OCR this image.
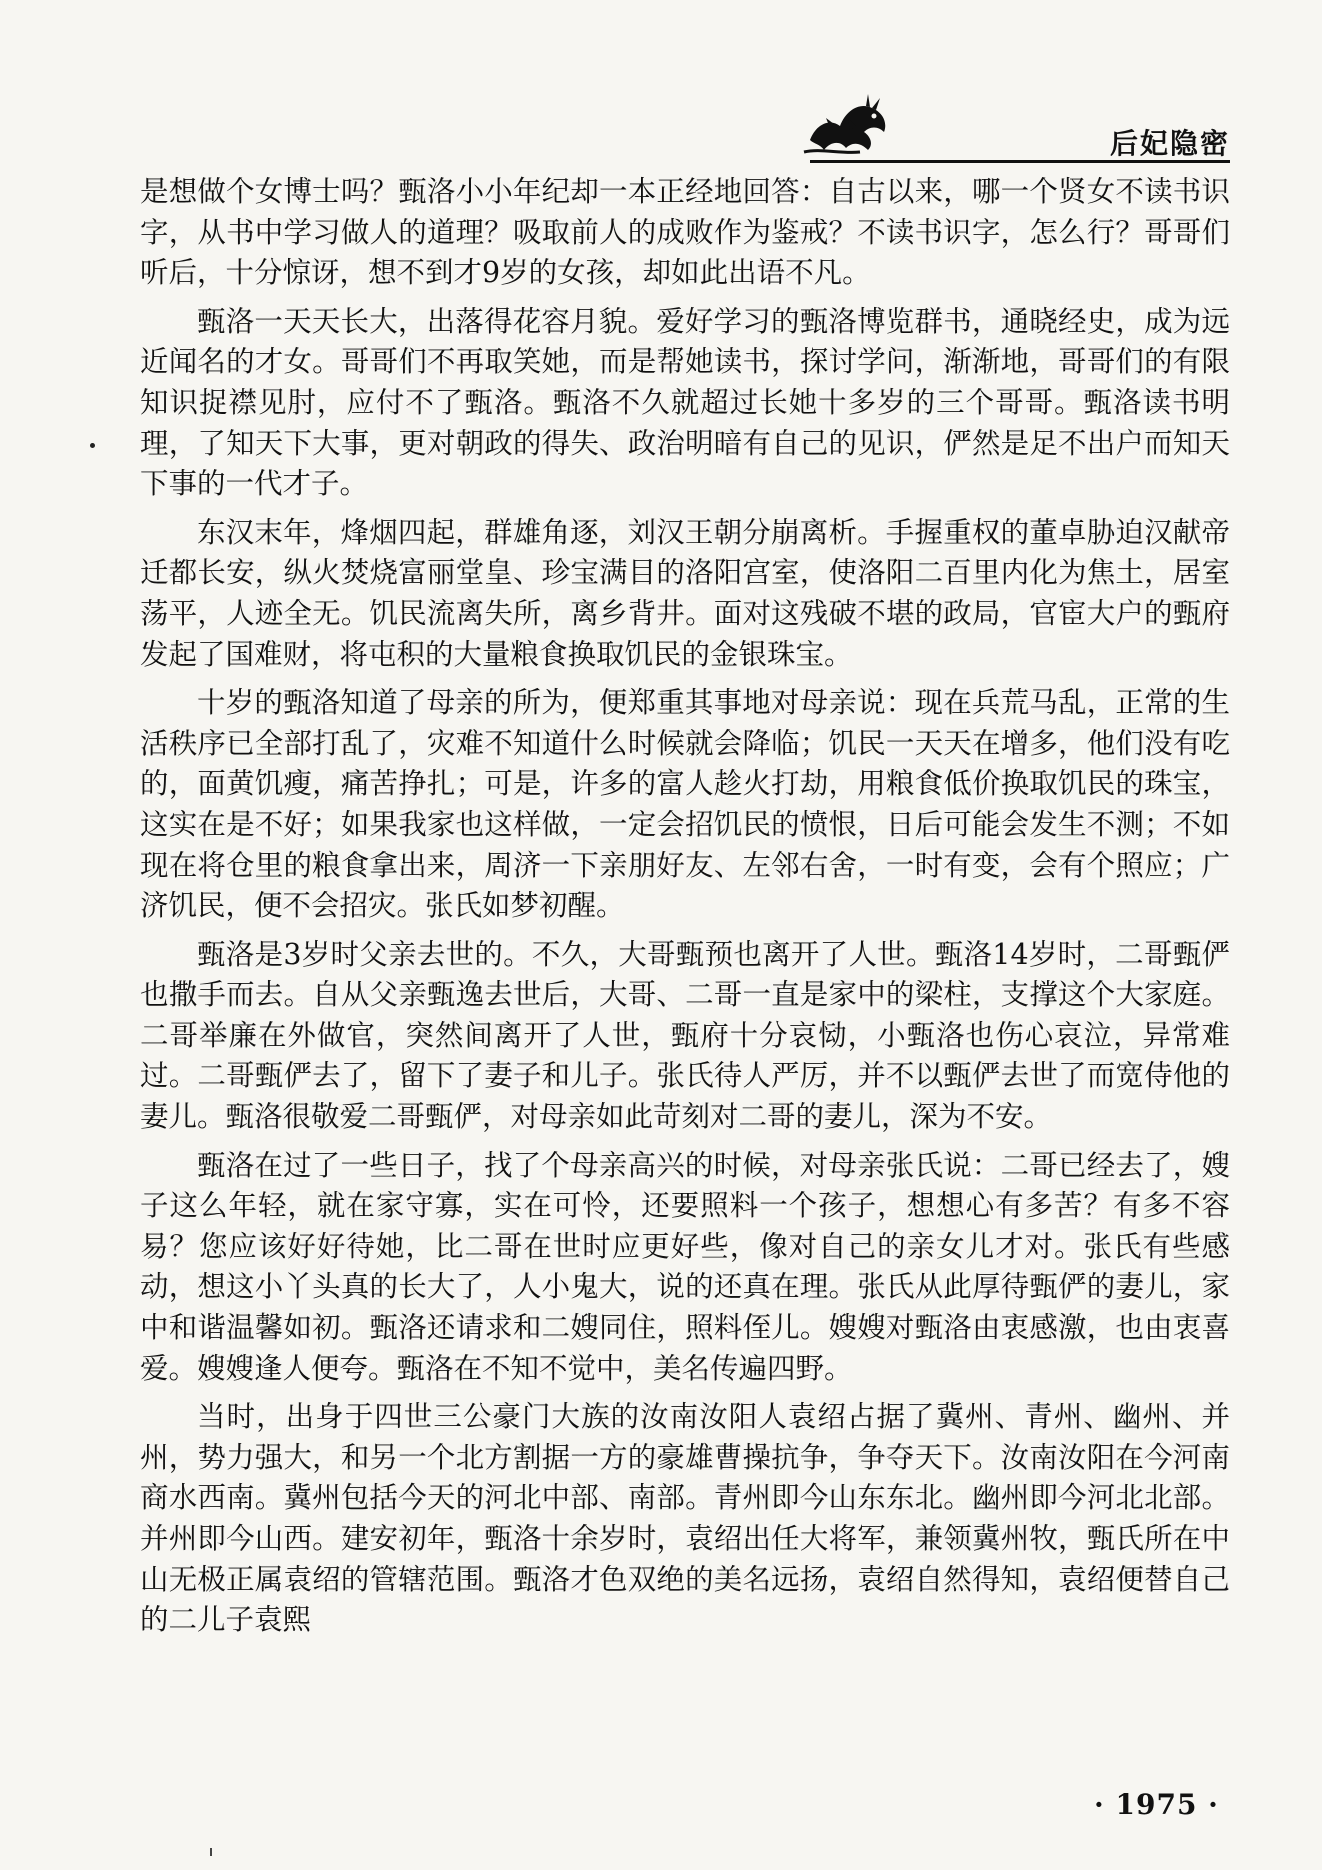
后妃隐密

是想做个女博士吗？甄洛小小年纪却一本正经地回答：自古以来，哪一个贤女不读书识字，从书中学习做人的道理？吸取前人的成败作为鉴戒？不读书识字，怎么行？哥哥们听后，十分惊讶，想不到才9岁的女孩，却如此出语不凡。

甄洛一天天长大，出落得花容月貌。爱好学习的甄洛博览群书，通晓经史，成为远近闻名的才女。哥哥们不再取笑她，而是帮她读书，探讨学问，渐渐地，哥哥们的有限知识捉襟见肘，应付不了甄洛。甄洛不久就超过长她十多岁的三个哥哥。甄洛读书明理，了知天下大事，更对朝政的得失、政治明暗有自己的见识，俨然是足不出户而知天下事的一代才子。

东汉末年，烽烟四起，群雄角逐，刘汉王朝分崩离析。手握重权的董卓胁迫汉献帝迁都长安，纵火焚烧富丽堂皇、珍宝满目的洛阳宫室，使洛阳二百里内化为焦土，居室荡平，人迹全无。饥民流离失所，离乡背井。面对这残破不堪的政局，官宦大户的甄府发起了国难财，将屯积的大量粮食换取饥民的金银珠宝。

十岁的甄洛知道了母亲的所为，便郑重其事地对母亲说：现在兵荒马乱，正常的生活秩序已全部打乱了，灾难不知道什么时候就会降临；饥民一天天在增多，他们没有吃的，面黄饥瘦，痛苦挣扎；可是，许多的富人趁火打劫，用粮食低价换取饥民的珠宝，这实在是不好；如果我家也这样做，一定会招饥民的愤恨，日后可能会发生不测；不如现在将仓里的粮食拿出来，周济一下亲朋好友、左邻右舍，一时有变，会有个照应；广济饥民，便不会招灾。张氏如梦初醒。

甄洛是3岁时父亲去世的。不久，大哥甄预也离开了人世。甄洛14岁时，二哥甄俨也撒手而去。自从父亲甄逸去世后，大哥、二哥一直是家中的梁柱，支撑这个大家庭。二哥举廉在外做官，突然间离开了人世，甄府十分哀恸，小甄洛也伤心哀泣，异常难过。二哥甄俨去了，留下了妻子和儿子。张氏待人严厉，并不以甄俨去世了而宽侍他的妻儿。甄洛很敬爱二哥甄俨，对母亲如此苛刻对二哥的妻儿，深为不安。

甄洛在过了一些日子，找了个母亲高兴的时候，对母亲张氏说：二哥已经去了，嫂子这么年轻，就在家守寡，实在可怜，还要照料一个孩子，想想心有多苦？有多不容易？您应该好好待她，比二哥在世时应更好些，像对自己的亲女儿才对。张氏有些感动，想这小丫头真的长大了，人小鬼大，说的还真在理。张氏从此厚待甄俨的妻儿，家中和谐温馨如初。甄洛还请求和二嫂同住，照料侄儿。嫂嫂对甄洛由衷感激，也由衷喜爱。嫂嫂逢人便夸。甄洛在不知不觉中，美名传遍四野。

当时，出身于四世三公豪门大族的汝南汝阳人袁绍占据了冀州、青州、幽州、并州，势力强大，和另一个北方割据一方的豪雄曹操抗争，争夺天下。汝南汝阳在今河南商水西南。冀州包括今天的河北中部、南部。青州即今山东东北。幽州即今河北北部。并州即今山西。建安初年，甄洛十余岁时，袁绍出任大将军，兼领冀州牧，甄氏所在中山无极正属袁绍的管辖范围。甄洛才色双绝的美名远扬，袁绍自然得知，袁绍便替自己的二儿子袁熙

· 1975 ·
